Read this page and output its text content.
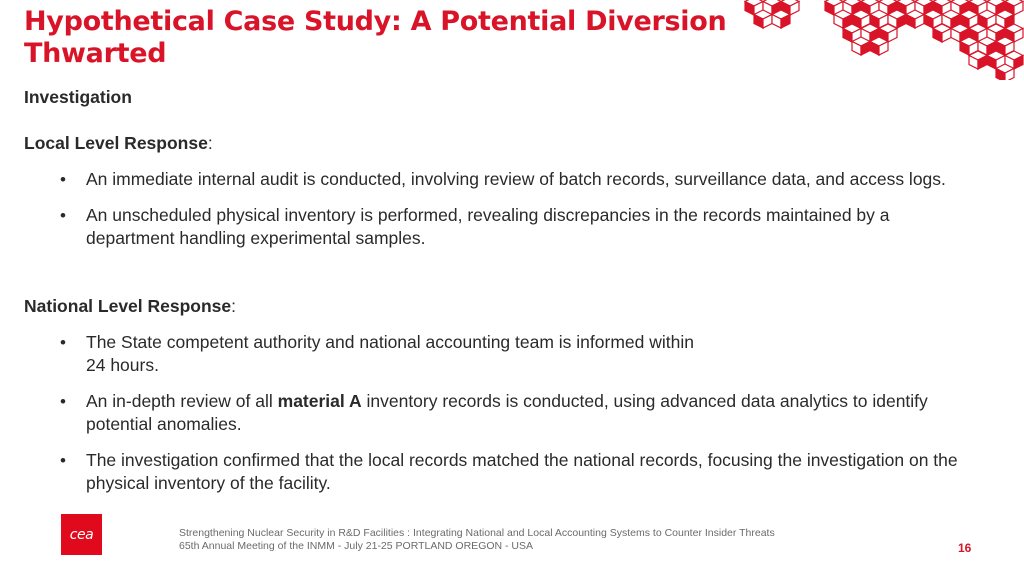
Hypothetical Case Study: A Potential Diversion Thwarted
Investigation
Local Level Response:
• An immediate internal audit is conducted, involving review of batch records, surveillance data, and access logs.
• An unscheduled physical inventory is performed, revealing discrepancies in the records maintained by a department handling experimental samples.
National Level Response:
• The State competent authority and national accounting team is informed within
24 hours.
• An in-depth review of all material A inventory records is conducted, using advanced data analytics to identify potential anomalies.
• The investigation confirmed that the local records matched the national records, focusing the investigation on the physical inventory of the facility.
cea	Strengthening Nuclear Security in R&D Facilities : Integrating National and Local Accounting Systems to Counter Insider Threats
65th Annual Meeting of the INMM - July 21-25 PORTLAND OREGON - USA	16
